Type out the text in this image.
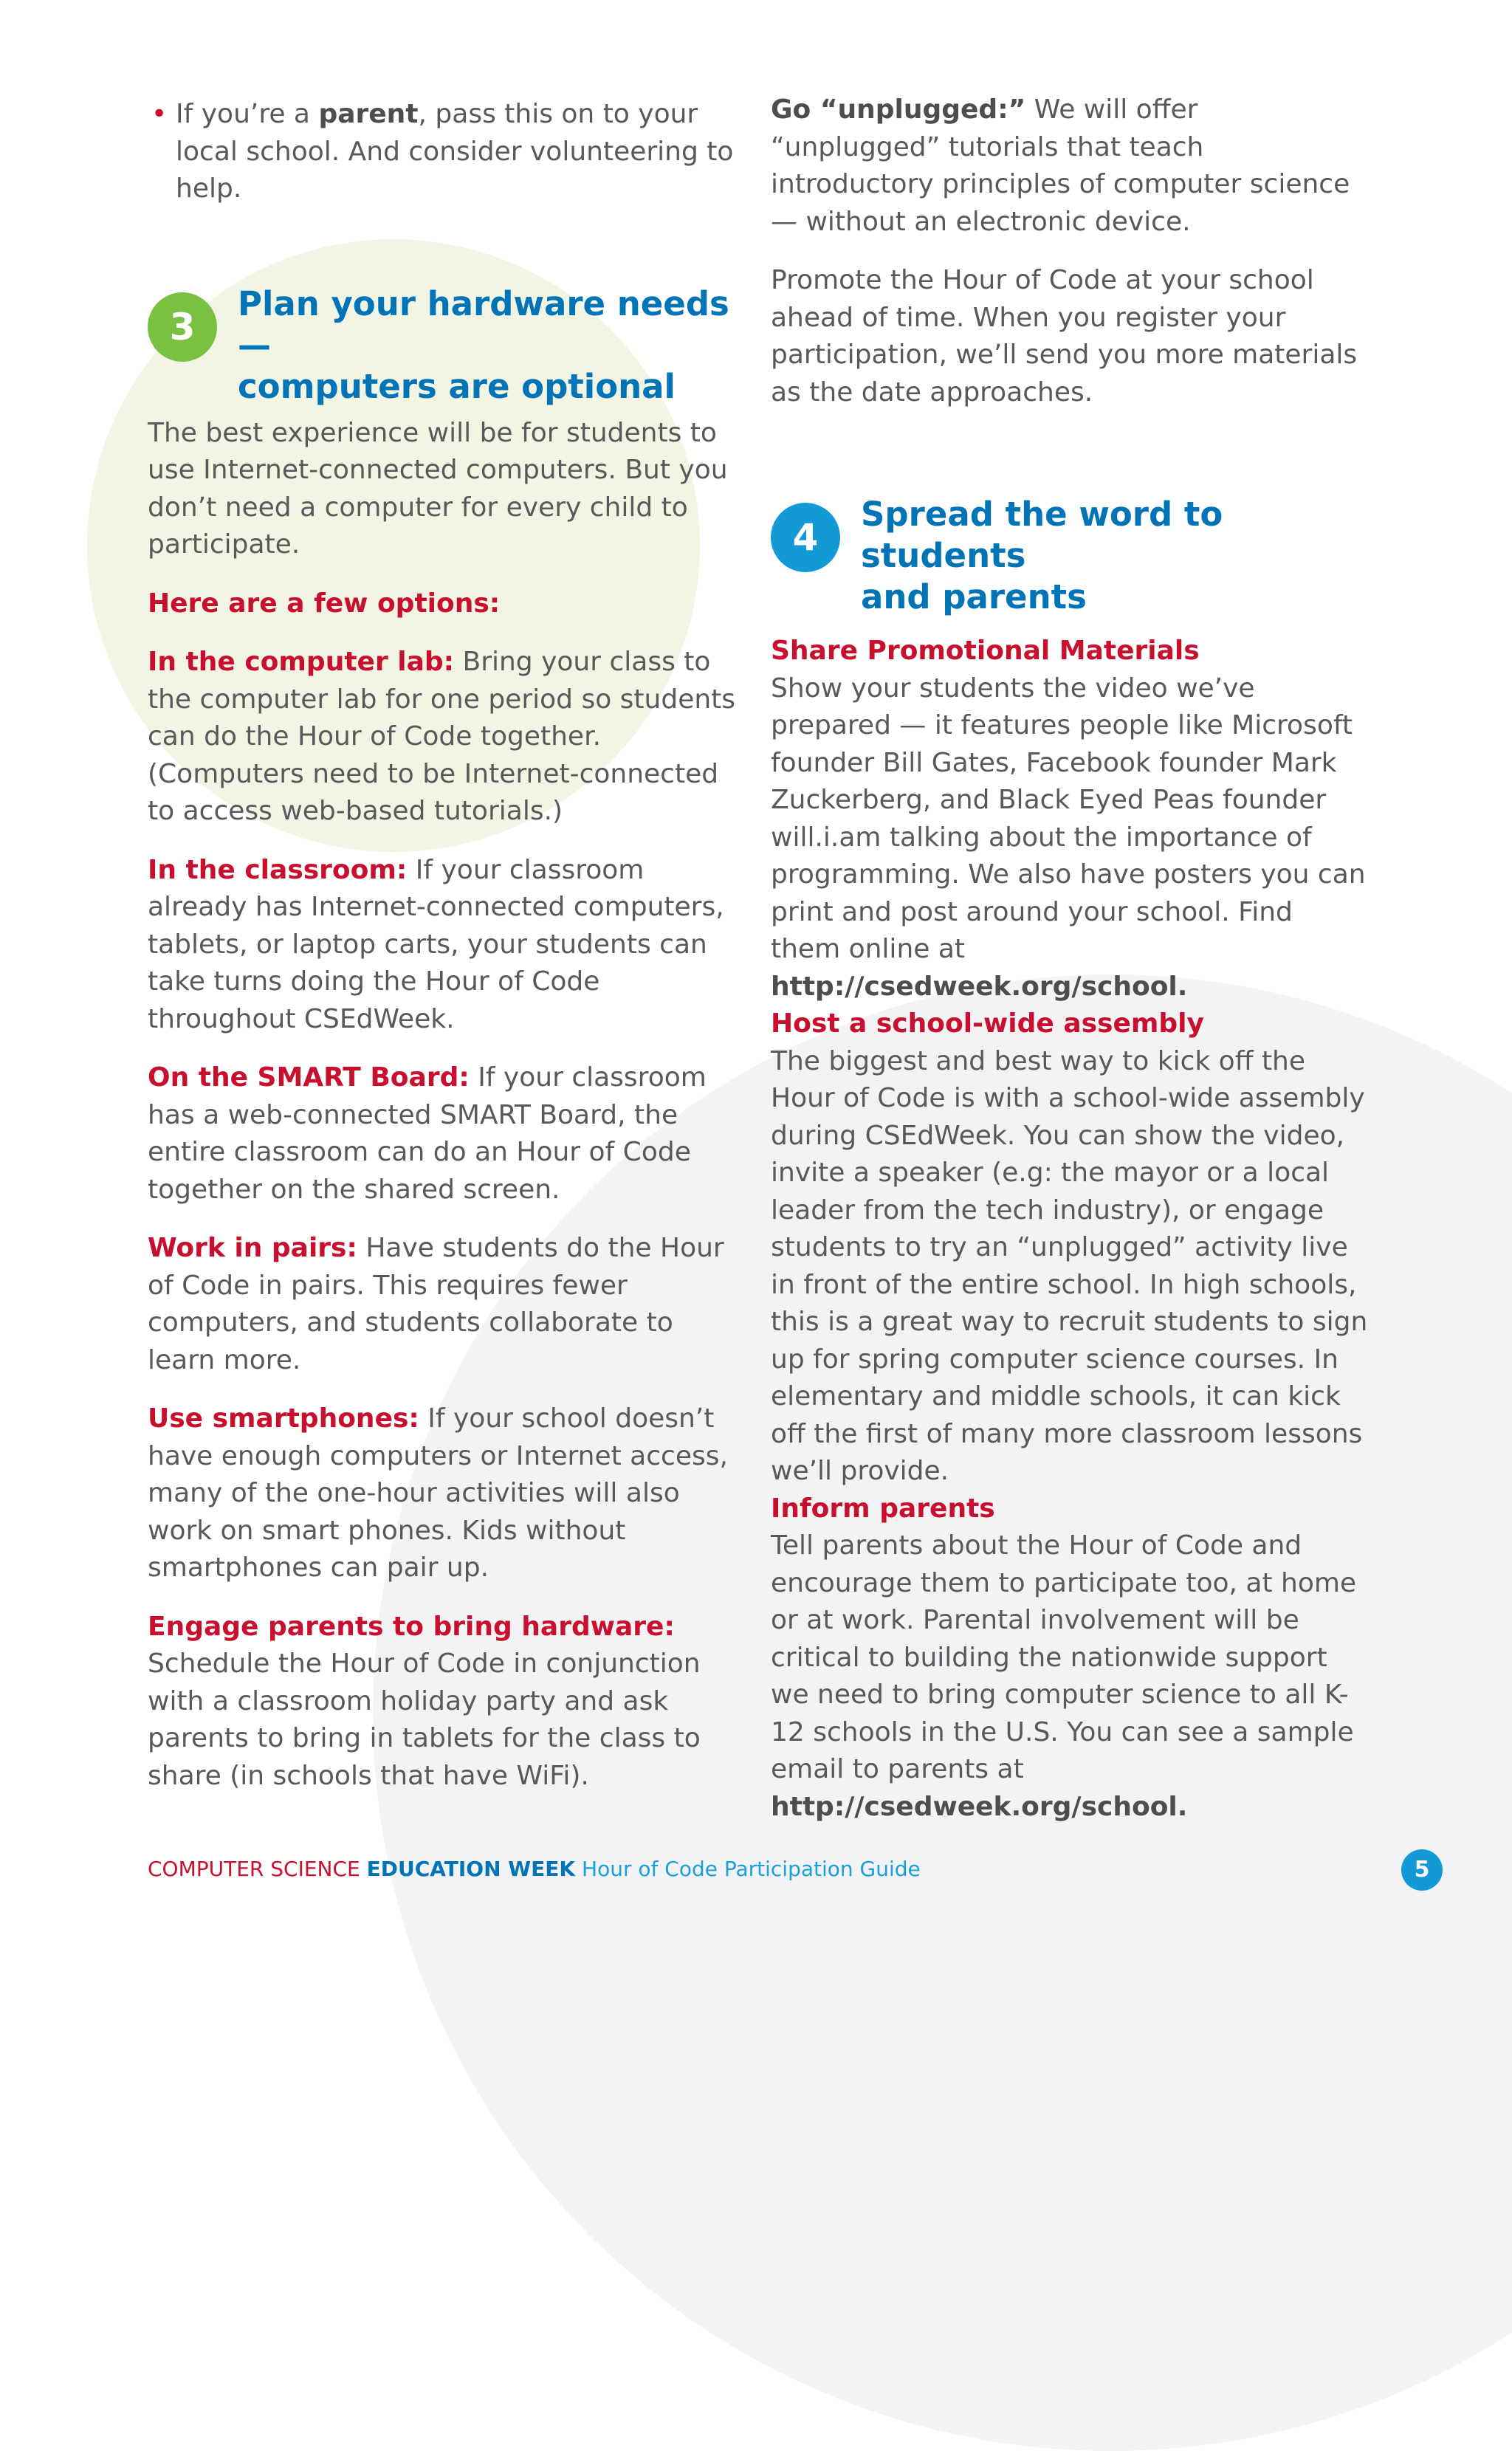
• If you’re a parent, pass this on to your local school. And consider volunteering to help.

3
Plan your hardware needs—
computers are optional

The best experience will be for students to use Internet-connected computers. But you don’t need a computer for every child to participate.

Here are a few options:

In the computer lab: Bring your class to the computer lab for one period so students can do the Hour of Code together. (Computers need to be Internet-connected to access web-based tutorials.)

In the classroom: If your classroom already has Internet-connected computers, tablets, or laptop carts, your students can take turns doing the Hour of Code throughout CSEdWeek.

On the SMART Board: If your classroom has a web-connected SMART Board, the entire classroom can do an Hour of Code together on the shared screen.

Work in pairs: Have students do the Hour of Code in pairs. This requires fewer computers, and students collaborate to learn more.

Use smartphones: If your school doesn’t have enough computers or Internet access, many of the one-hour activities will also work on smart phones. Kids without smartphones can pair up.

Engage parents to bring hardware: Schedule the Hour of Code in conjunction with a classroom holiday party and ask parents to bring in tablets for the class to share (in schools that have WiFi).

Go “unplugged:” We will offer “unplugged” tutorials that teach introductory principles of computer science — without an electronic device.

Promote the Hour of Code at your school ahead of time. When you register your participation, we’ll send you more materials as the date approaches.

4
Spread the word to students
and parents

Share Promotional Materials

Show your students the video we’ve prepared — it features people like Microsoft founder Bill Gates, Facebook founder Mark Zuckerberg, and Black Eyed Peas founder will.i.am talking about the importance of programming. We also have posters you can print and post around your school. Find them online at http://csedweek.org/school.

Host a school-wide assembly

The biggest and best way to kick off the Hour of Code is with a school-wide assembly during CSEdWeek. You can show the video, invite a speaker (e.g: the mayor or a local leader from the tech industry), or engage students to try an “unplugged” activity live in front of the entire school. In high schools, this is a great way to recruit students to sign up for spring computer science courses. In elementary and middle schools, it can kick off the first of many more classroom lessons we’ll provide.

Inform parents

Tell parents about the Hour of Code and encourage them to participate too, at home or at work. Parental involvement will be critical to building the nationwide support we need to bring computer science to all K-12 schools in the U.S. You can see a sample email to parents at http://csedweek.org/school.

COMPUTER SCIENCE EDUCATION WEEK Hour of Code Participation Guide	5
